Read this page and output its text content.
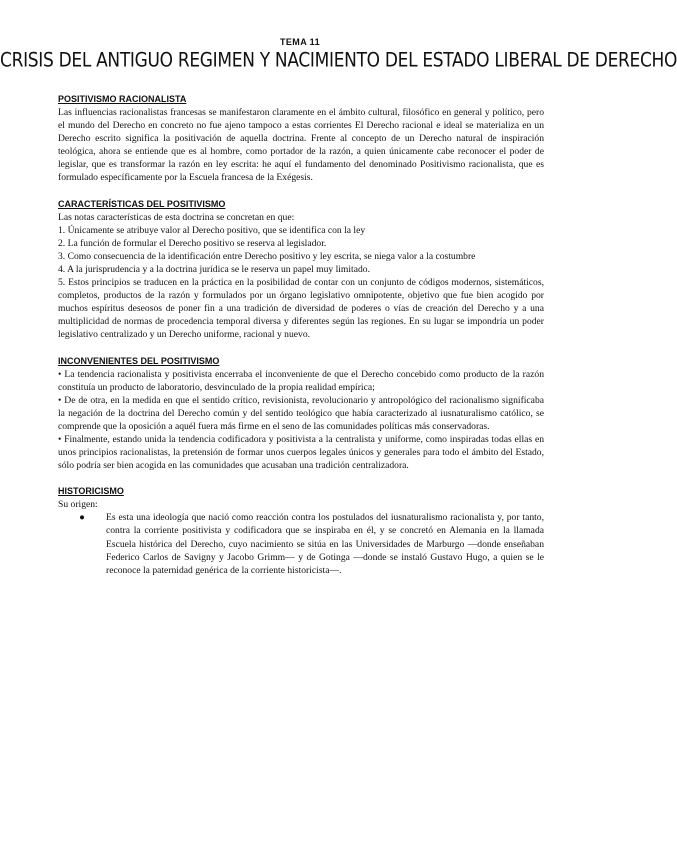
TEMA 11
CRISIS DEL ANTIGUO REGIMEN Y NACIMIENTO DEL ESTADO LIBERAL DE DERECHO
POSITIVISMO RACIONALISTA

Las influencias racionalistas francesas se manifestaron claramente en el ámbito cultural, filosófico en general y político, pero el mundo del Derecho en concreto no fue ajeno tampoco a estas corrientes El Derecho racional e ideal se materializa en un Derecho escrito significa la positivación de aquella doctrina. Frente al concepto de un Derecho natural de inspiración teológica, ahora se entiende que es al hombre, como portador de la razón, a quien únicamente cabe reconocer el poder de legislar, que es transformar la razón en ley escrita: he aquí el fundamento del denominado Positivismo racionalista, que es formulado específicamente por la Escuela francesa de la Exégesis.

CARACTERÍSTICAS DEL POSITIVISMO

Las notas características de esta doctrina se concretan en que:

1. Únicamente se atribuye valor al Derecho positivo, que se identifica con la ley

2. La función de formular el Derecho positivo se reserva al legislador.

3. Como consecuencia de la identificación entre Derecho positivo y ley escrita, se niega valor a la costumbre

4. A la jurisprudencia y a la doctrina jurídica se le reserva un papel muy limitado.

5. Estos principios se traducen en la práctica en la posibilidad de contar con un conjunto de códigos modernos, sistemáticos, completos, productos de la razón y formulados por un órgano legislativo omnipotente, objetivo que fue bien acogido por muchos espíritus deseosos de poner fin a una tradición de diversidad de poderes o vías de creación del Derecho y a una multiplicidad de normas de procedencia temporal diversa y diferentes según las regiones. En su lugar se impondría un poder legislativo centralizado y un Derecho uniforme, racional y nuevo.

INCONVENIENTES DEL POSITIVISMO

• La tendencia racionalista y positivista encerraba el inconveniente de que el Derecho concebido como producto de la razón constituía un producto de laboratorio, desvinculado de la propia realidad empírica;

• De de otra, en la medida en que el sentido crítico, revisionista, revolucionario y antropológico del racionalismo significaba la negación de la doctrina del Derecho común y del sentido teológico que había caracterizado al iusnaturalismo católico, se comprende que la oposición a aquél fuera más firme en el seno de las comunidades políticas más conservadoras.

• Finalmente, estando unida la tendencia codificadora y positivista a la centralista y uniforme, como inspiradas todas ellas en unos principios racionalistas, la pretensión de formar unos cuerpos legales únicos y generales para todo el ámbito del Estado, sólo podría ser bien acogida en las comunidades que acusaban una tradición centralizadora.

HISTORICISMO

Su origen:

●	Es esta una ideología que nació como reacción contra los postulados del iusnaturalismo racionalista y, por tanto, contra la corriente positivista y codificadora que se inspiraba en él, y se concretó en Alemania en la llamada Escuela histórica del Derecho, cuyo nacimiento se sitúa en las Universidades de Marburgo —donde enseñaban Federico Carlos de Savigny y Jacobo Grimm— y de Gotinga —donde se instaló Gustavo Hugo, a quien se le reconoce la paternidad genérica de la corriente historicista—.
